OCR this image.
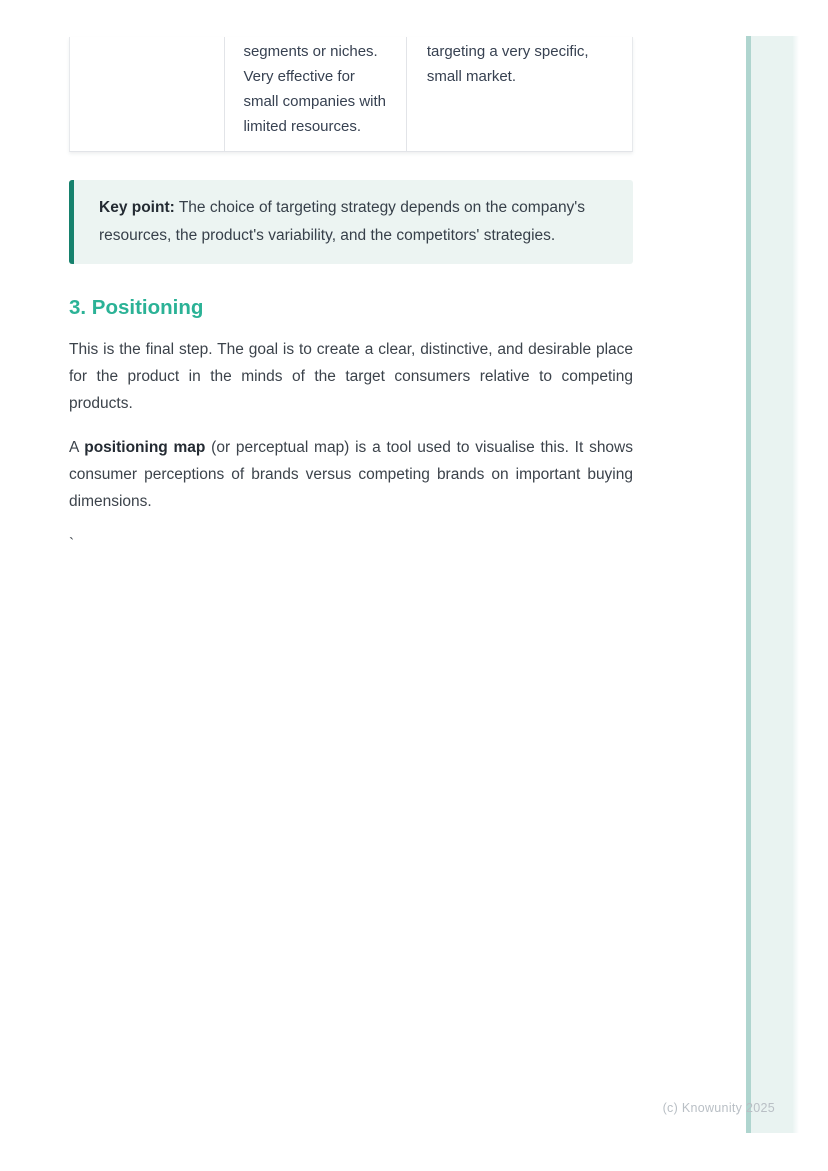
segments or niches. Very effective for small companies with limited resources.
targeting a very specific, small market.
Key point: The choice of targeting strategy depends on the company's resources, the product's variability, and the competitors' strategies.
3. Positioning

This is the final step. The goal is to create a clear, distinctive, and desirable place for the product in the minds of the target consumers relative to competing products.

A positioning map (or perceptual map) is a tool used to visualise this. It shows consumer perceptions of brands versus competing brands on important buying dimensions.

`

(c) Knowunity 2025
